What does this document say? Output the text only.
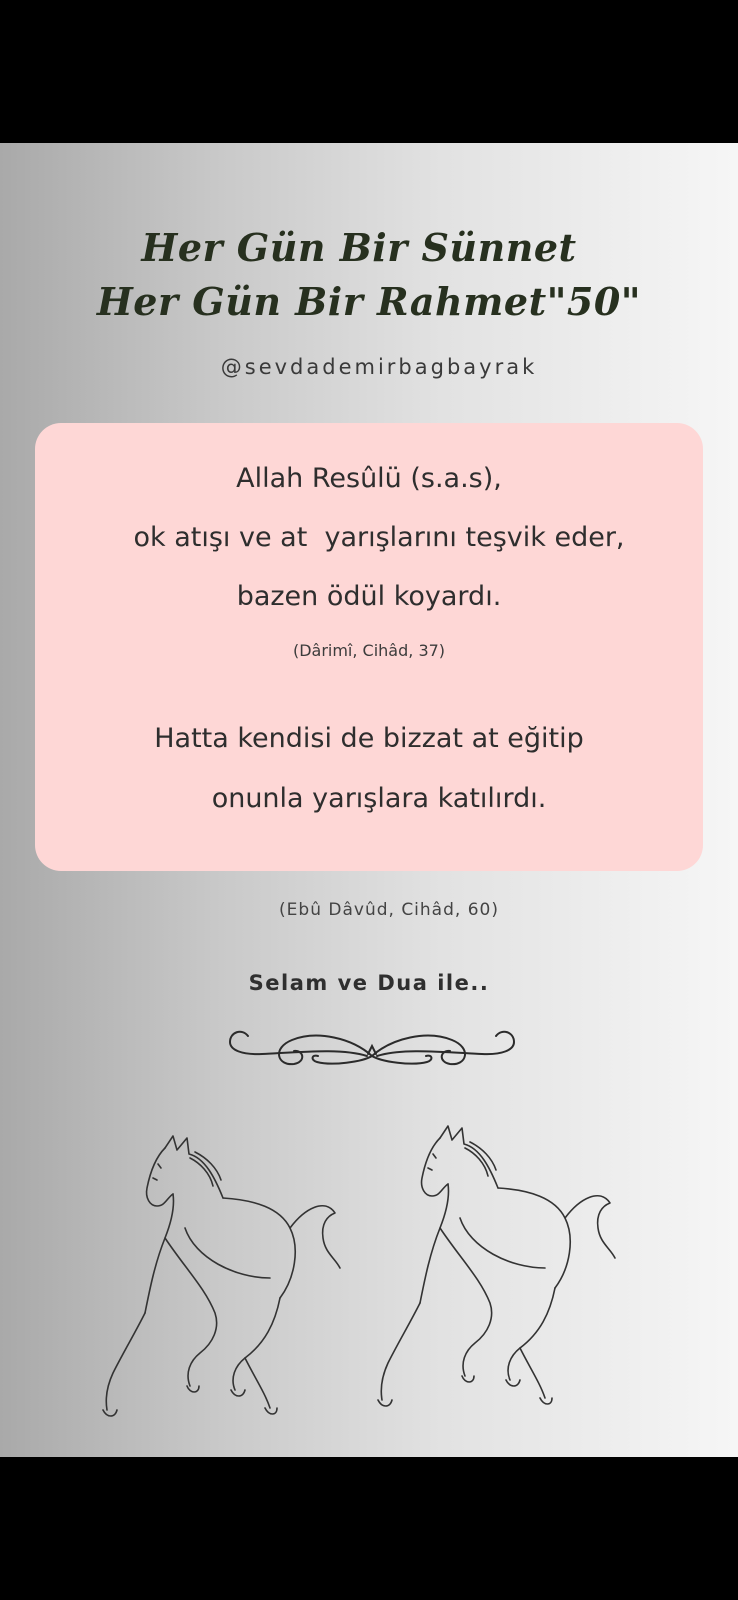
Her Gün Bir Sünnet
Her Gün Bir Rahmet"50"
@sevdademirbagbayrak
Allah Resûlü (s.a.s),
ok atışı ve at  yarışlarını teşvik eder,
bazen ödül koyardı.
(Dârimî, Cihâd, 37)
Hatta kendisi de bizzat at eğitip
onunla yarışlara katılırdı.
(Ebû Dâvûd, Cihâd, 60)
Selam ve Dua ile..
